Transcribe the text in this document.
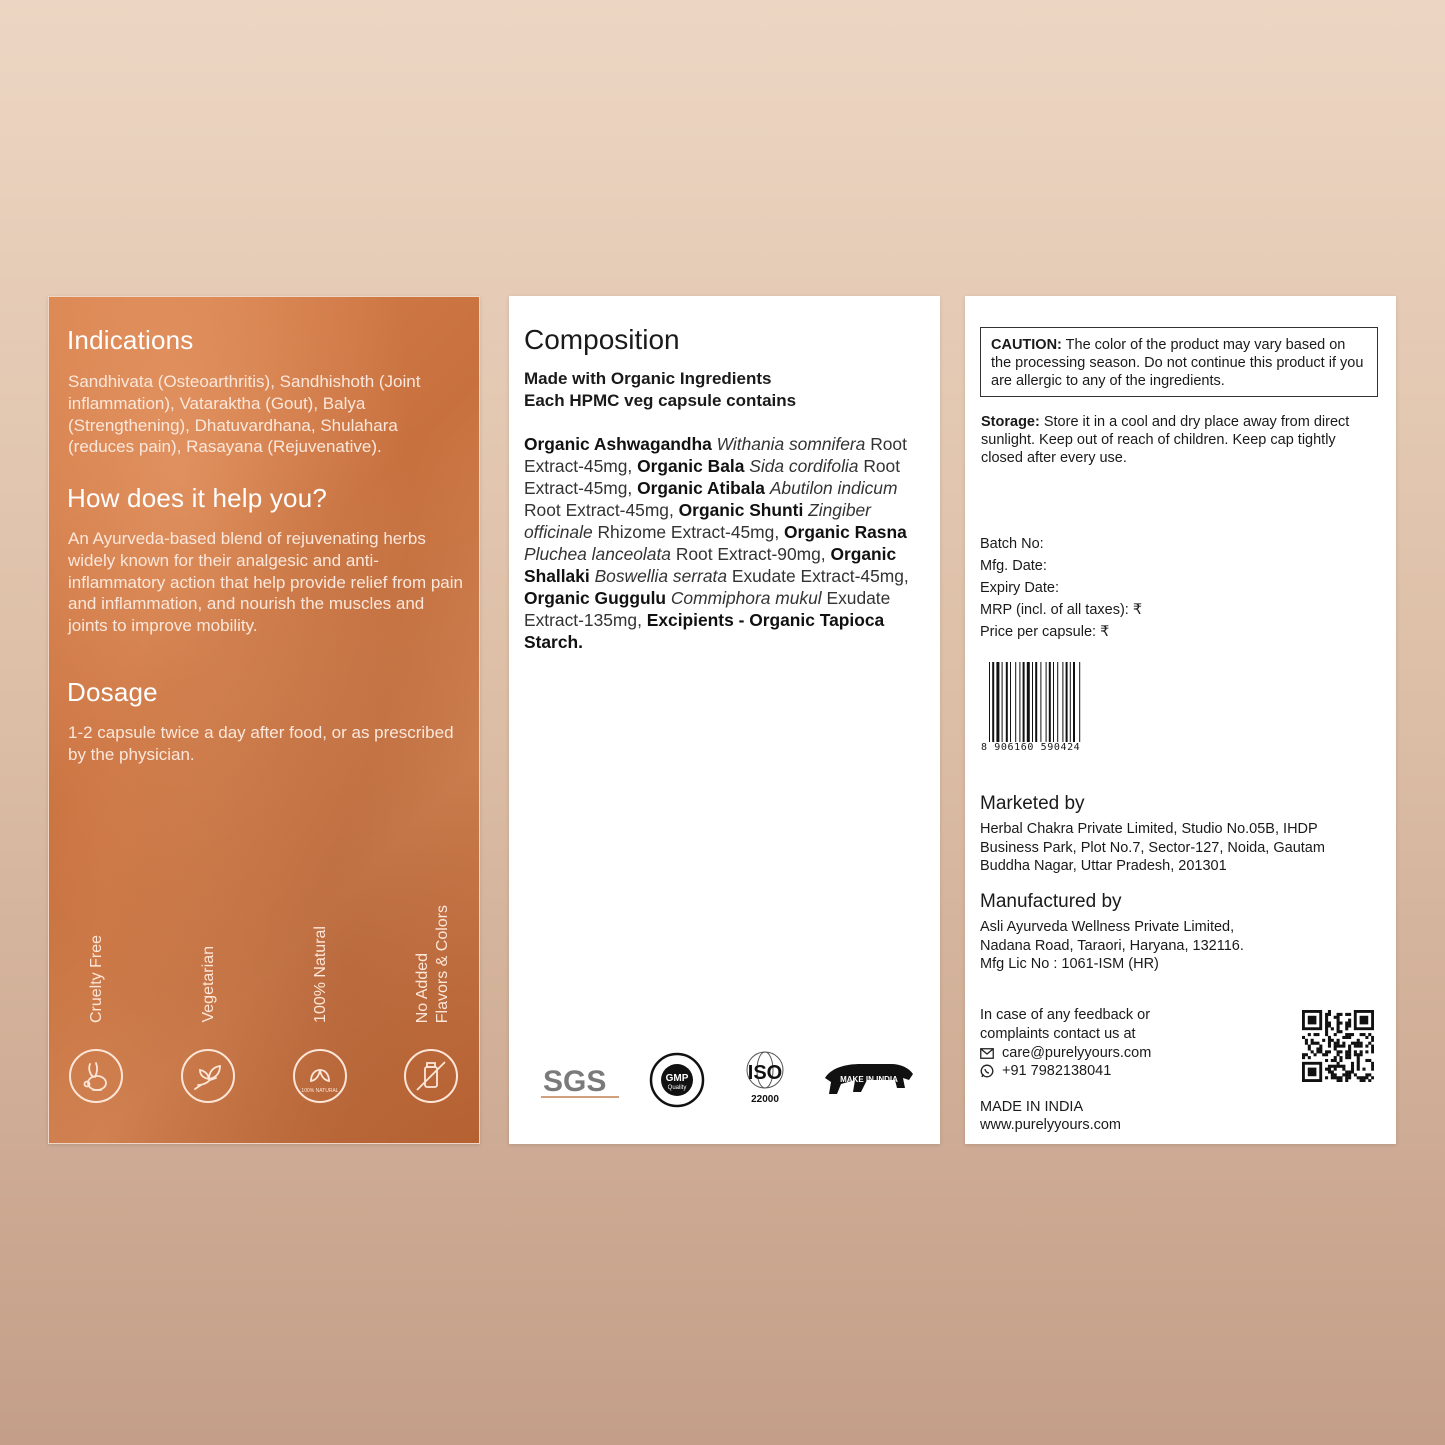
Indications

Sandhivata (Osteoarthritis), Sandhishoth (Joint inflammation), Vataraktha (Gout), Balya (Strengthening), Dhatuvardhana, Shulahara (reduces pain), Rasayana (Rejuvenative).

How does it help you?

An Ayurveda-based blend of rejuvenating herbs widely known for their analgesic and anti-inflammatory action that help provide relief from pain and inflammation, and nourish the muscles and joints to improve mobility.

Dosage

1-2 capsule twice a day after food, or as prescribed by the physician.

Cruelty Free	Vegetarian	100% Natural	No Added Flavors & Colors
100% NATURAL
Composition
Made with Organic Ingredients
Each HPMC veg capsule contains
Organic Ashwagandha Withania somnifera Root Extract-45mg, Organic Bala Sida cordifolia Root Extract-45mg, Organic Atibala Abutilon indicum Root Extract-45mg, Organic Shunti Zingiber officinale Rhizome Extract-45mg, Organic Rasna Pluchea lanceolata Root Extract-90mg, Organic Shallaki Boswellia serrata Exudate Extract-45mg, Organic Guggulu Commiphora mukul Exudate Extract-135mg, Excipients - Organic Tapioca Starch.
SGS	GMP
Quality
ISO
22000
MAKE IN INDIA
CAUTION: The color of the product may vary based on the processing season. Do not continue this product if you are allergic to any of the ingredients.
Storage: Store it in a cool and dry place away from direct sunlight. Keep out of reach of children. Keep cap tightly closed after every use.
Batch No:
Mfg. Date:
Expiry Date:
MRP (incl. of all taxes): ₹
Price per capsule: ₹
8 906160 590424
Marketed by
Herbal Chakra Private Limited, Studio No.05B, IHDP Business Park, Plot No.7, Sector-127, Noida, Gautam Buddha Nagar, Uttar Pradesh, 201301
Manufactured by
Asli Ayurveda Wellness Private Limited,
Nadana Road, Taraori, Haryana, 132116.
Mfg Lic No : 1061-ISM (HR)
In case of any feedback or complaints contact us at
care@purelyyours.com
+91 7982138041
MADE IN INDIA
www.purelyyours.com
